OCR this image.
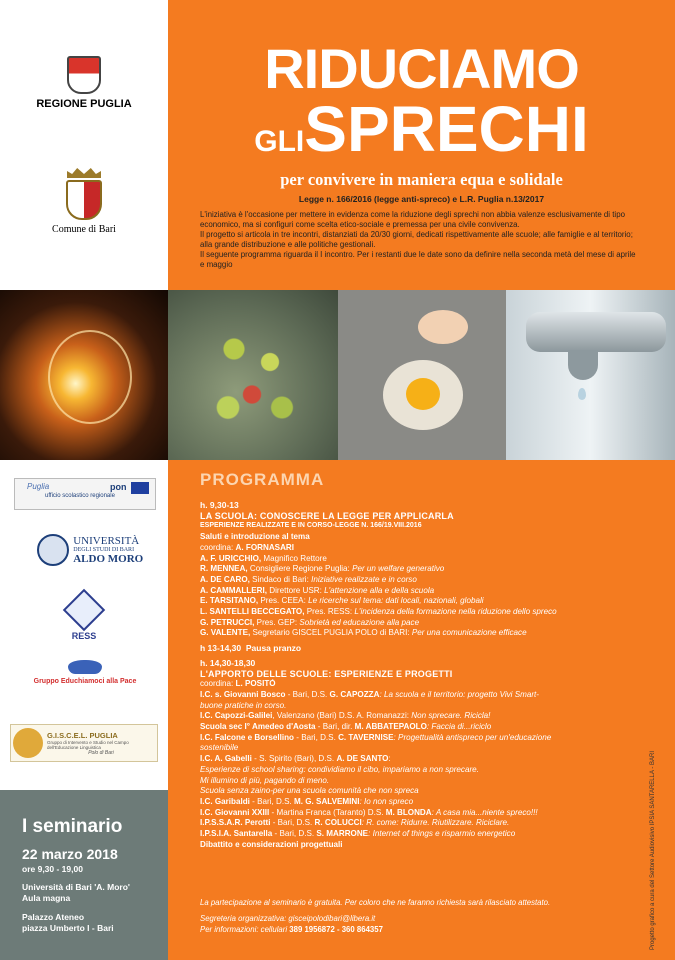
REGIONE PUGLIA
Comune di Bari
Puglia	pon
ufficio scolastico regionale

UNIVERSITÀ
DEGLI STUDI DI BARI
ALDO MORO
RESS
Gruppo Educhiamoci alla Pace
G.I.S.C.E.L. PUGLIA
Gruppo di Intervento e Studio nel Campo dell'Educazione Linguistica
Polo di Bari
I seminario
22 marzo 2018
ore 9,30 - 19,00
Università di Bari 'A. Moro'
Aula magna
Palazzo Ateneo
piazza Umberto I - Bari
RIDUCIAMO
GLISPRECHI
per convivere in maniera equa e solidale
Legge n. 166/2016 (legge anti-spreco) e L.R. Puglia n.13/2017
L'iniziativa è l'occasione per mettere in evidenza come la riduzione degli sprechi non abbia valenze esclusivamente di tipo economico, ma si configuri come scelta etico-sociale e premessa per una civile convivenza.
Il progetto si articola in tre incontri, distanziati da 20/30 giorni, dedicati rispettivamente alle scuole; alle famiglie e al territorio; alla grande distribuzione e alle politiche gestionali.
Il seguente programma riguarda il I incontro. Per i restanti due le date sono da definire nella seconda metà del mese di aprile e maggio
PROGRAMMA
h. 9,30-13
LA SCUOLA: CONOSCERE LA LEGGE PER APPLICARLA
ESPERIENZE REALIZZATE E IN CORSO-LEGGE N. 166/19.VIII.2016
Saluti e introduzione al tema
coordina: A. FORNASARI
A. F. URICCHIO, Magnifico Rettore
R. MENNEA, Consigliere Regione Puglia: Per un welfare generativo
A. DE CARO, Sindaco di Bari: Iniziative realizzate e in corso
A. CAMMALLERI, Direttore USR: L'attenzione alla e della scuola
E. TARSITANO, Pres. CEEA: Le ricerche sul tema: dati locali, nazionali, globali
L. SANTELLI BECCEGATO, Pres. RESS: L'incidenza della formazione nella riduzione dello spreco
G. PETRUCCI, Pres. GEP: Sobrietà ed educazione alla pace
G. VALENTE, Segretario GISCEL PUGLIA POLO di BARI: Per una comunicazione efficace
h 13-14,30 Pausa pranzo
h. 14,30-18,30
L'APPORTO DELLE SCUOLE: ESPERIENZE E PROGETTI
coordina: L. POSITÒ
I.C. s. Giovanni Bosco - Bari, D.S. G. CAPOZZA: La scuola e il territorio: progetto Vivi Smart-
buone pratiche in corso.
I.C. Capozzi-Galilei, Valenzano (Bari) D.S. A. Romanazzi: Non sprecare. Ricicla!
Scuola sec I° Amedeo d'Aosta - Bari, dir. M. ABBATEPAOLO: Faccia di...riciclo
I.C. Falcone e Borsellino - Bari, D.S. C. TAVERNISE: Progettualità antispreco per un'educazione
sostenibile
I.C. A. Gabelli - S. Spirito (Bari), D.S. A. DE SANTO:
Esperienze di school sharing: condividiamo il cibo, impariamo a non sprecare.
Mi illumino di più, pagando di meno.
Scuola senza zaino-per una scuola comunità che non spreca
I.C. Garibaldi - Bari, D.S. M. G. SALVEMINI: Io non spreco
I.C. Giovanni XXIII - Martina Franca (Taranto) D.S. M. BLONDA: A casa mia...niente spreco!!!
I.P.S.S.A.R. Perotti - Bari, D.S. R. COLUCCI: R. come: Ridurre. Riutilizzare. Riciclare.
I.P.S.I.A. Santarella - Bari, D.S. S. MARRONE: Internet of things e risparmio energetico
Dibattito e considerazioni progettuali
La partecipazione al seminario è gratuita. Per coloro che ne faranno richiesta sarà rilasciato attestato.
Segreteria organizzativa: gisceipolodibari@libera.it
Per informazioni: cellulari 389 1956872 - 360 864357	Progetto grafico a cura del Settore Audiovisivo IPSIA SANTARELLA - BARI
